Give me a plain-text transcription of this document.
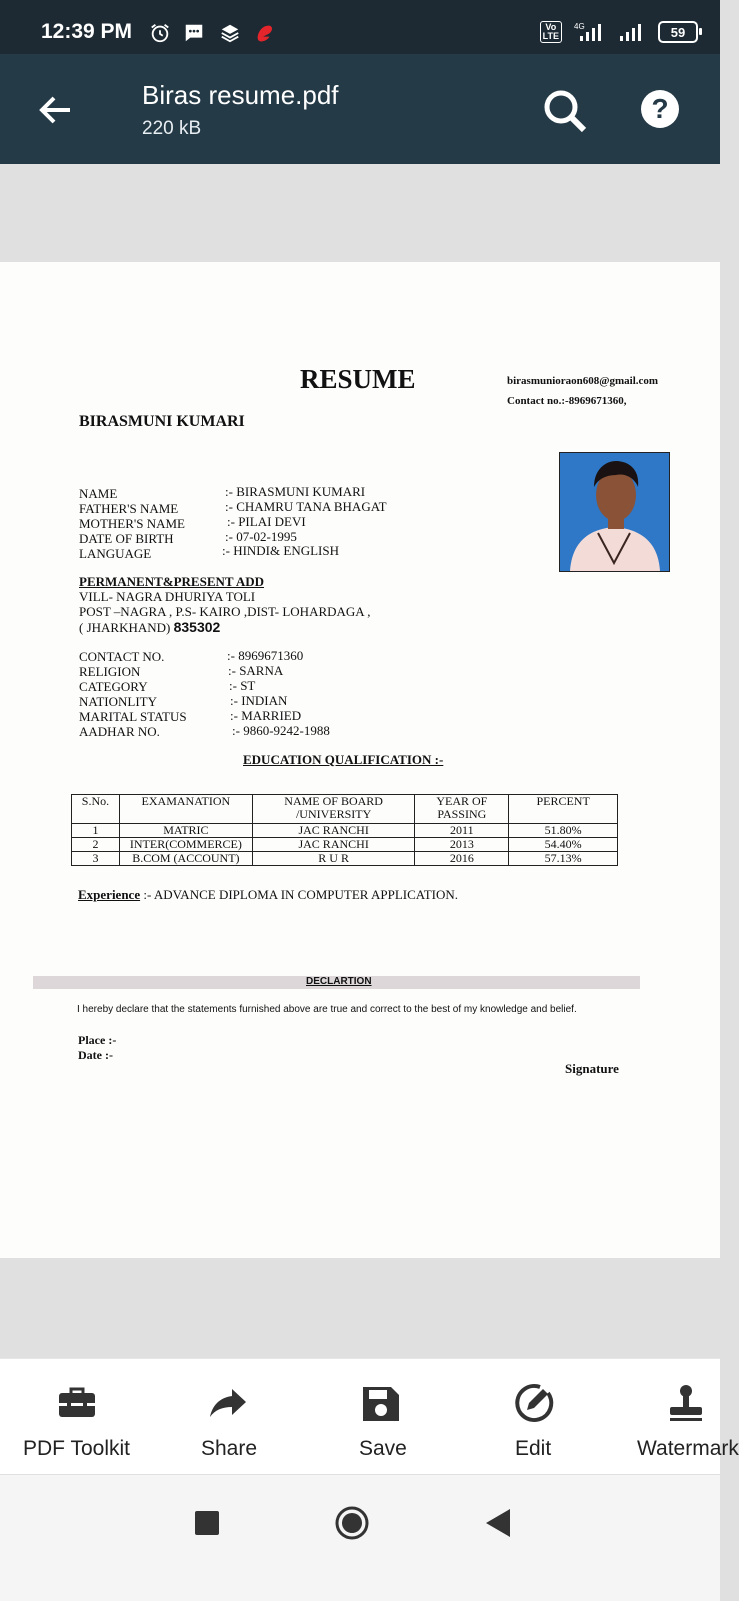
12:39 PM	Vo
LTE
4G	59
Biras resume.pdf
220 kB
?
RESUME	birasmunioraon608@gmail.com
Contact no.:-8969671360,
BIRASMUNI KUMARI
NAME	:- BIRASMUNI KUMARI
FATHER'S NAME	:- CHAMRU TANA BHAGAT
MOTHER'S NAME	:- PILAI DEVI
DATE OF BIRTH	:- 07-02-1995
LANGUAGE	:- HINDI& ENGLISH
PERMANENT&PRESENT ADD
VILL- NAGRA DHURIYA TOLI
POST –NAGRA , P.S- KAIRO ,DIST- LOHARDAGA ,
( JHARKHAND) 835302
CONTACT NO.	:- 8969671360
RELIGION	:- SARNA
CATEGORY	:- ST
NATIONLITY	:- INDIAN
MARITAL STATUS	:- MARRIED
AADHAR NO.	:- 9860-9242-1988
EDUCATION QUALIFICATION :-
S.No.	EXAMANATION	NAME OF BOARD /UNIVERSITY	YEAR OF PASSING	PERCENT
1	MATRIC	JAC RANCHI	2011	51.80%
2	INTER(COMMERCE)	JAC RANCHI	2013	54.40%
3	B.COM (ACCOUNT)	R U R	2016	57.13%
Experience :- ADVANCE DIPLOMA IN COMPUTER APPLICATION.
DECLARTION
I hereby declare that the statements furnished above are true and correct to the best of my knowledge and belief.
Place :-
Date :-
Signature
PDF Toolkit	Share	Save	Edit	Watermark
